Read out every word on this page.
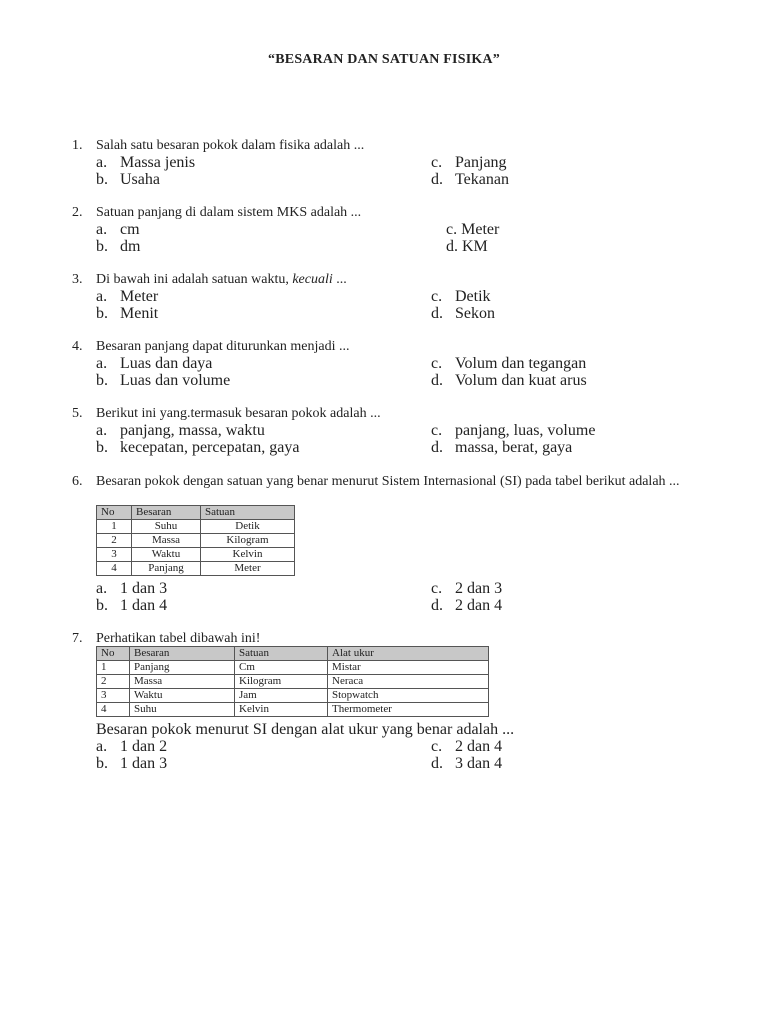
“BESARAN DAN SATUAN FISIKA”
1. Salah satu besaran pokok dalam fisika adalah ...
a. Massa jenis
b. Usaha
c. Panjang
d. Tekanan
2. Satuan panjang di dalam sistem MKS adalah ...
a. cm
b. dm
c. Meter
d. KM
3. Di bawah ini adalah satuan waktu, kecuali ...
a. Meter
b. Menit
c. Detik
d. Sekon
4. Besaran panjang dapat diturunkan menjadi ...
a. Luas dan daya
b. Luas dan volume
c. Volum dan tegangan
d. Volum dan kuat arus
5. Berikut ini yang.termasuk besaran pokok adalah ...
a. panjang, massa, waktu
b. kecepatan, percepatan, gaya
c. panjang, luas, volume
d. massa, berat, gaya
6. Besaran pokok dengan satuan yang benar menurut Sistem Internasional (SI) pada tabel berikut adalah ...
No	Besaran	Satuan
1	Suhu	Detik
2	Massa	Kilogram
3	Waktu	Kelvin
4	Panjang	Meter
a. 1 dan 3
b. 1 dan 4
c. 2 dan 3
d. 2 dan 4
7. Perhatikan tabel dibawah ini!
No	Besaran	Satuan	Alat ukur
1	Panjang	Cm	Mistar
2	Massa	Kilogram	Neraca
3	Waktu	Jam	Stopwatch
4	Suhu	Kelvin	Thermometer
Besaran pokok menurut SI dengan alat ukur yang benar adalah ...
a. 1 dan 2
b. 1 dan 3
c. 2 dan 4
d. 3 dan 4
